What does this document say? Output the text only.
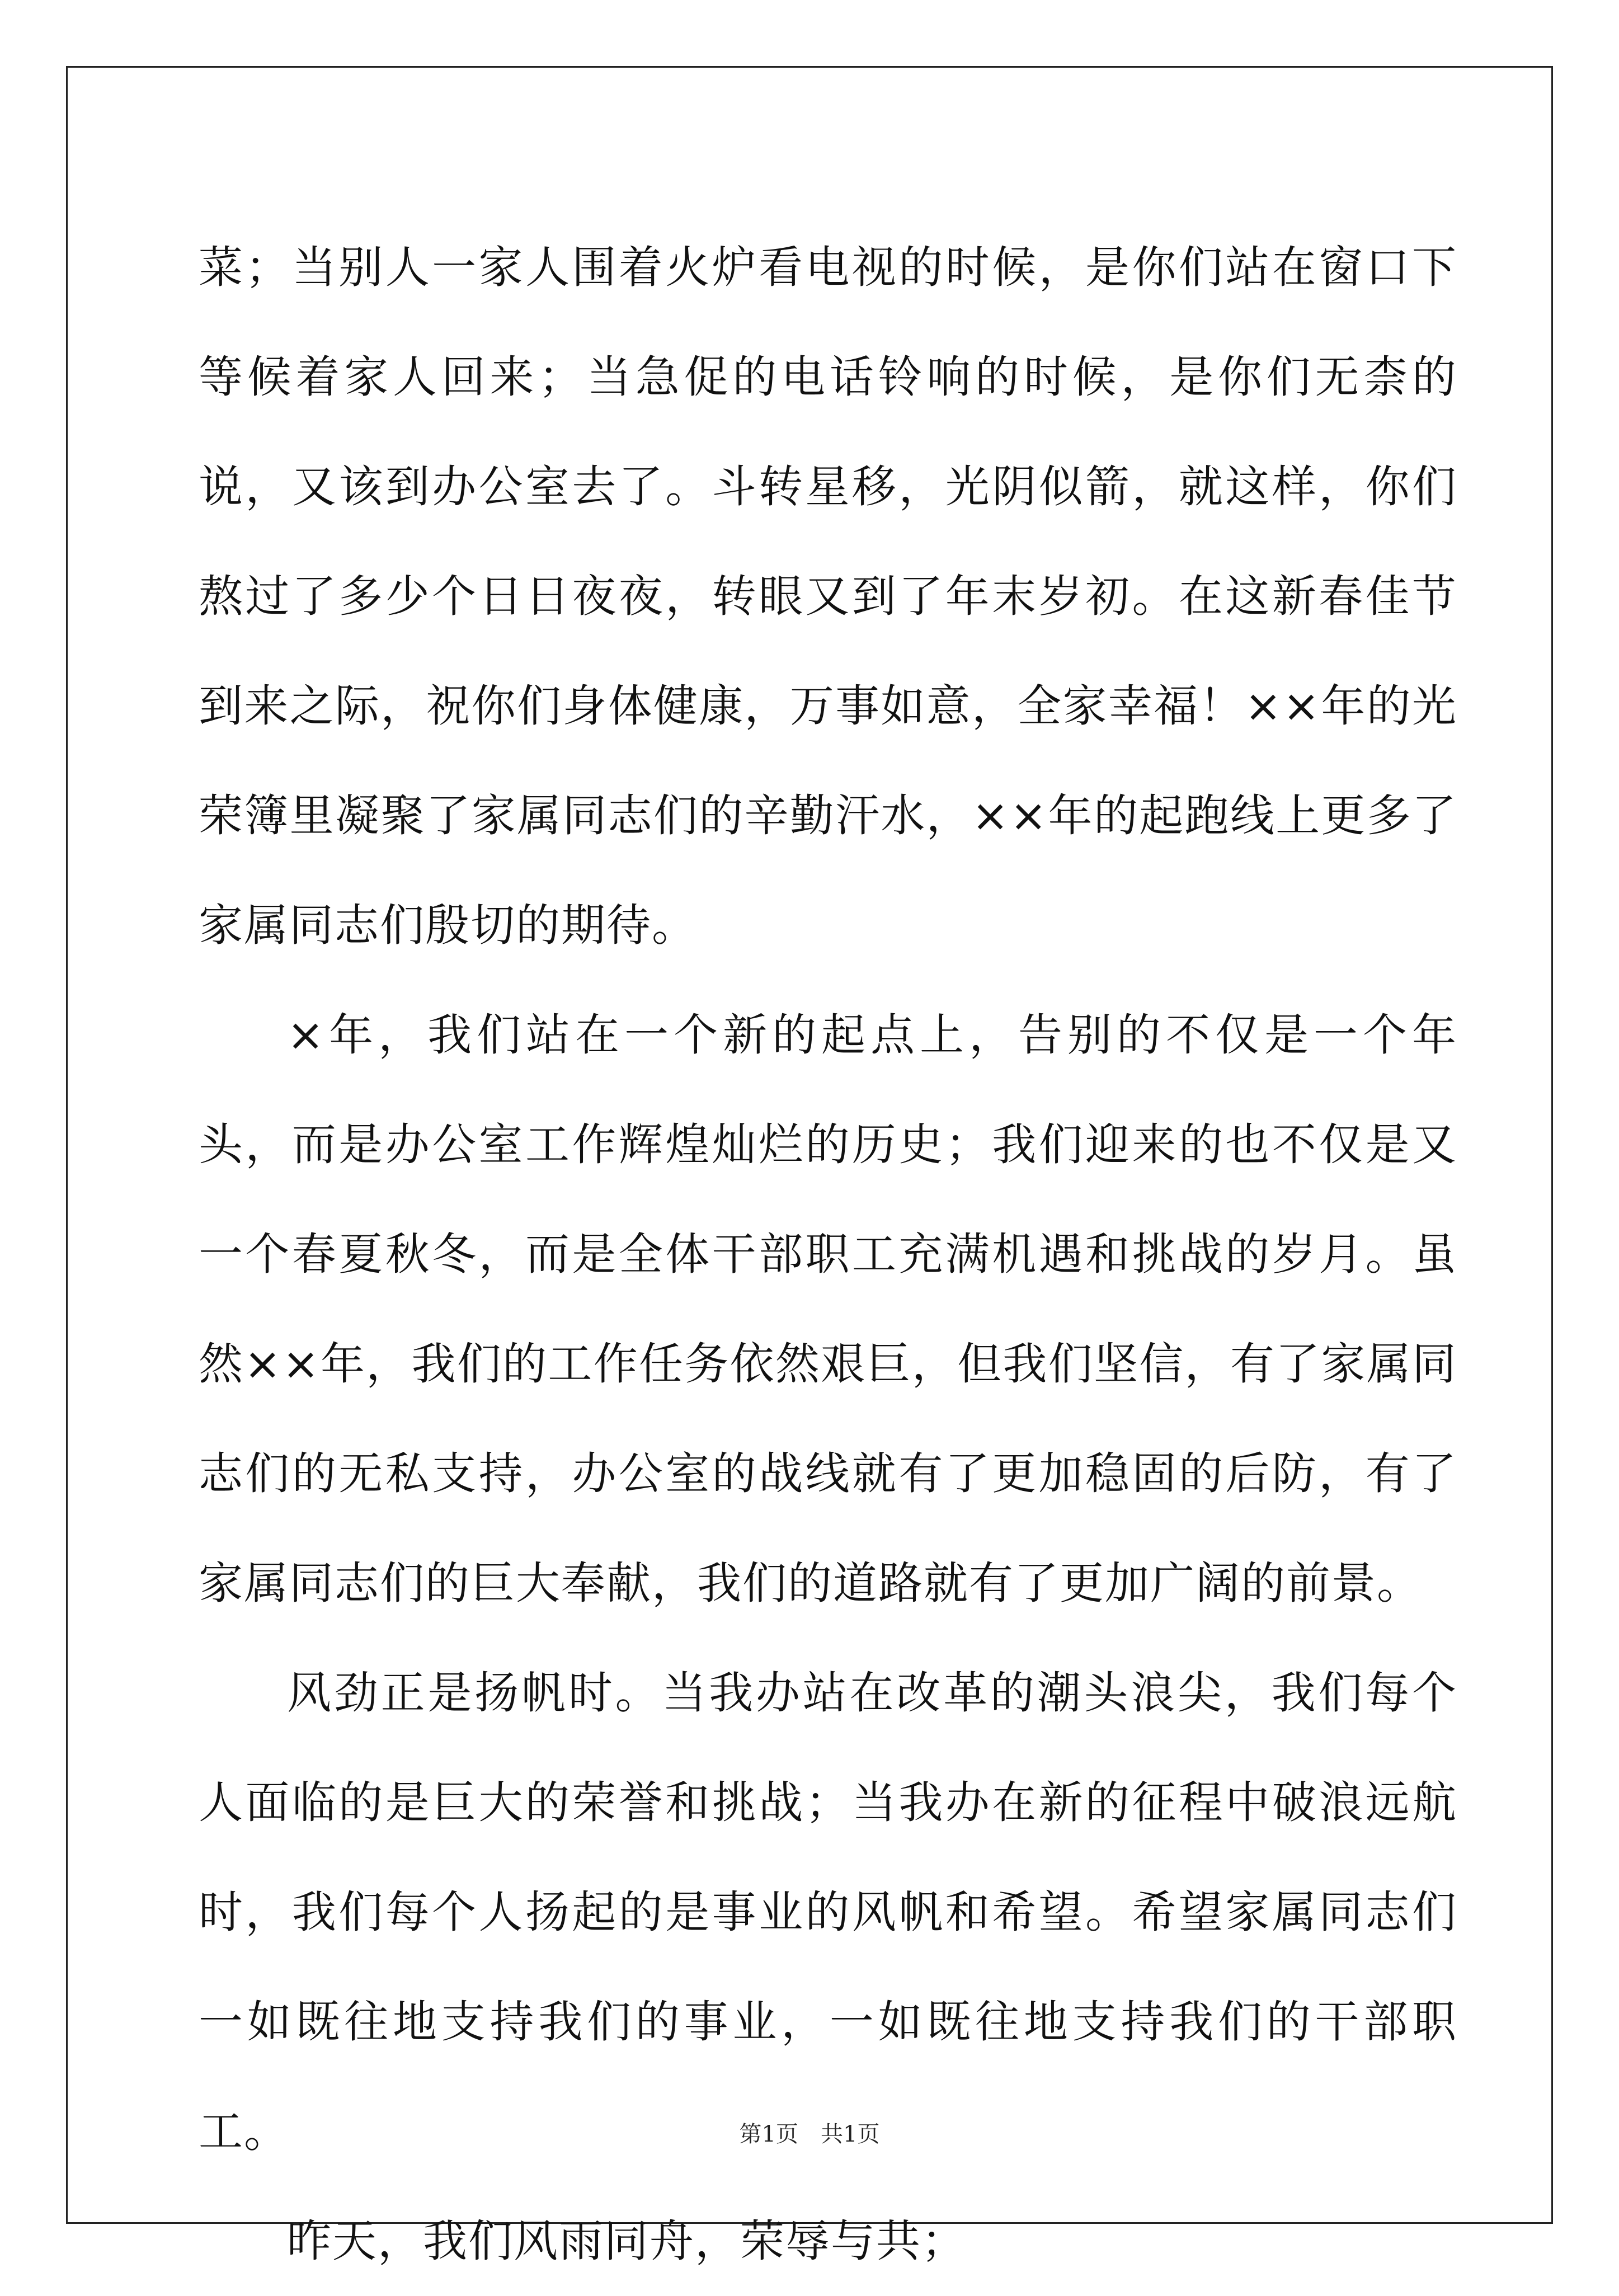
菜；当别人一家人围着火炉看电视的时候，是你们站在窗口下等候着家人回来；当急促的电话铃响的时候，是你们无柰的说，又该到办公室去了。斗转星移，光阴似箭，就这样，你们熬过了多少个日日夜夜，转眼又到了年末岁初。在这新春佳节到来之际，祝你们身体健康，万事如意，全家幸福！××年的光荣簿里凝聚了家属同志们的辛勤汗水，××年的起跑线上更多了家属同志们殷切的期待。

×年，我们站在一个新的起点上，告别的不仅是一个年头，而是办公室工作辉煌灿烂的历史；我们迎来的也不仅是又一个春夏秋冬，而是全体干部职工充满机遇和挑战的岁月。虽然××年，我们的工作任务依然艰巨，但我们坚信，有了家属同志们的无私支持，办公室的战线就有了更加稳固的后防，有了家属同志们的巨大奉献，我们的道路就有了更加广阔的前景。

风劲正是扬帆时。当我办站在改革的潮头浪尖，我们每个人面临的是巨大的荣誉和挑战；当我办在新的征程中破浪远航时，我们每个人扬起的是事业的风帆和希望。希望家属同志们一如既往地支持我们的事业，一如既往地支持我们的干部职工。

昨天，我们风雨同舟，荣辱与共；

第1页　共1页
